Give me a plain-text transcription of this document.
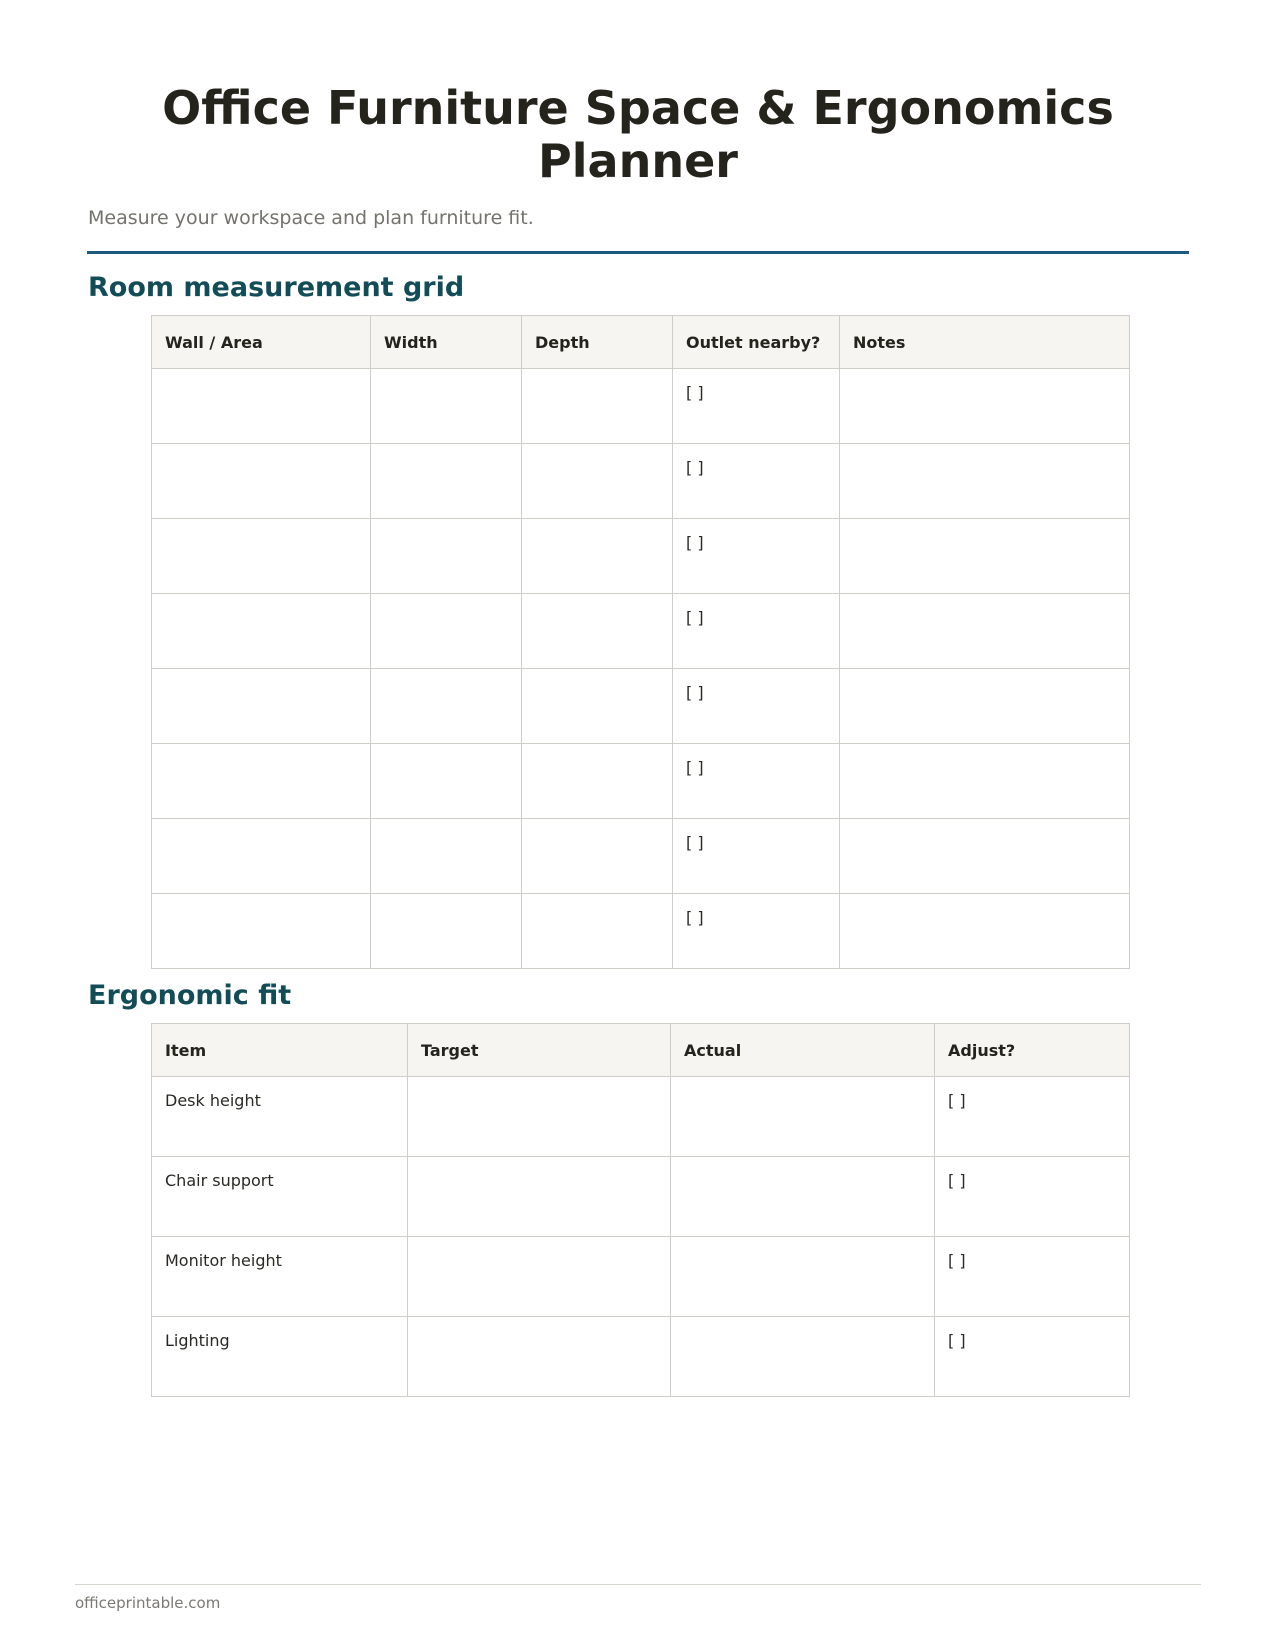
Office Furniture Space & Ergonomics Planner

Measure your workspace and plan furniture fit.

Room measurement grid
Wall / Area	Width	Depth	Outlet nearby?	Notes
			[ ]	
			[ ]	
			[ ]	
			[ ]	
			[ ]	
			[ ]	
			[ ]	
			[ ]	
Ergonomic fit
Item	Target	Actual	Adjust?
Desk height			[ ]
Chair support			[ ]
Monitor height			[ ]
Lighting			[ ]

officeprintable.com
